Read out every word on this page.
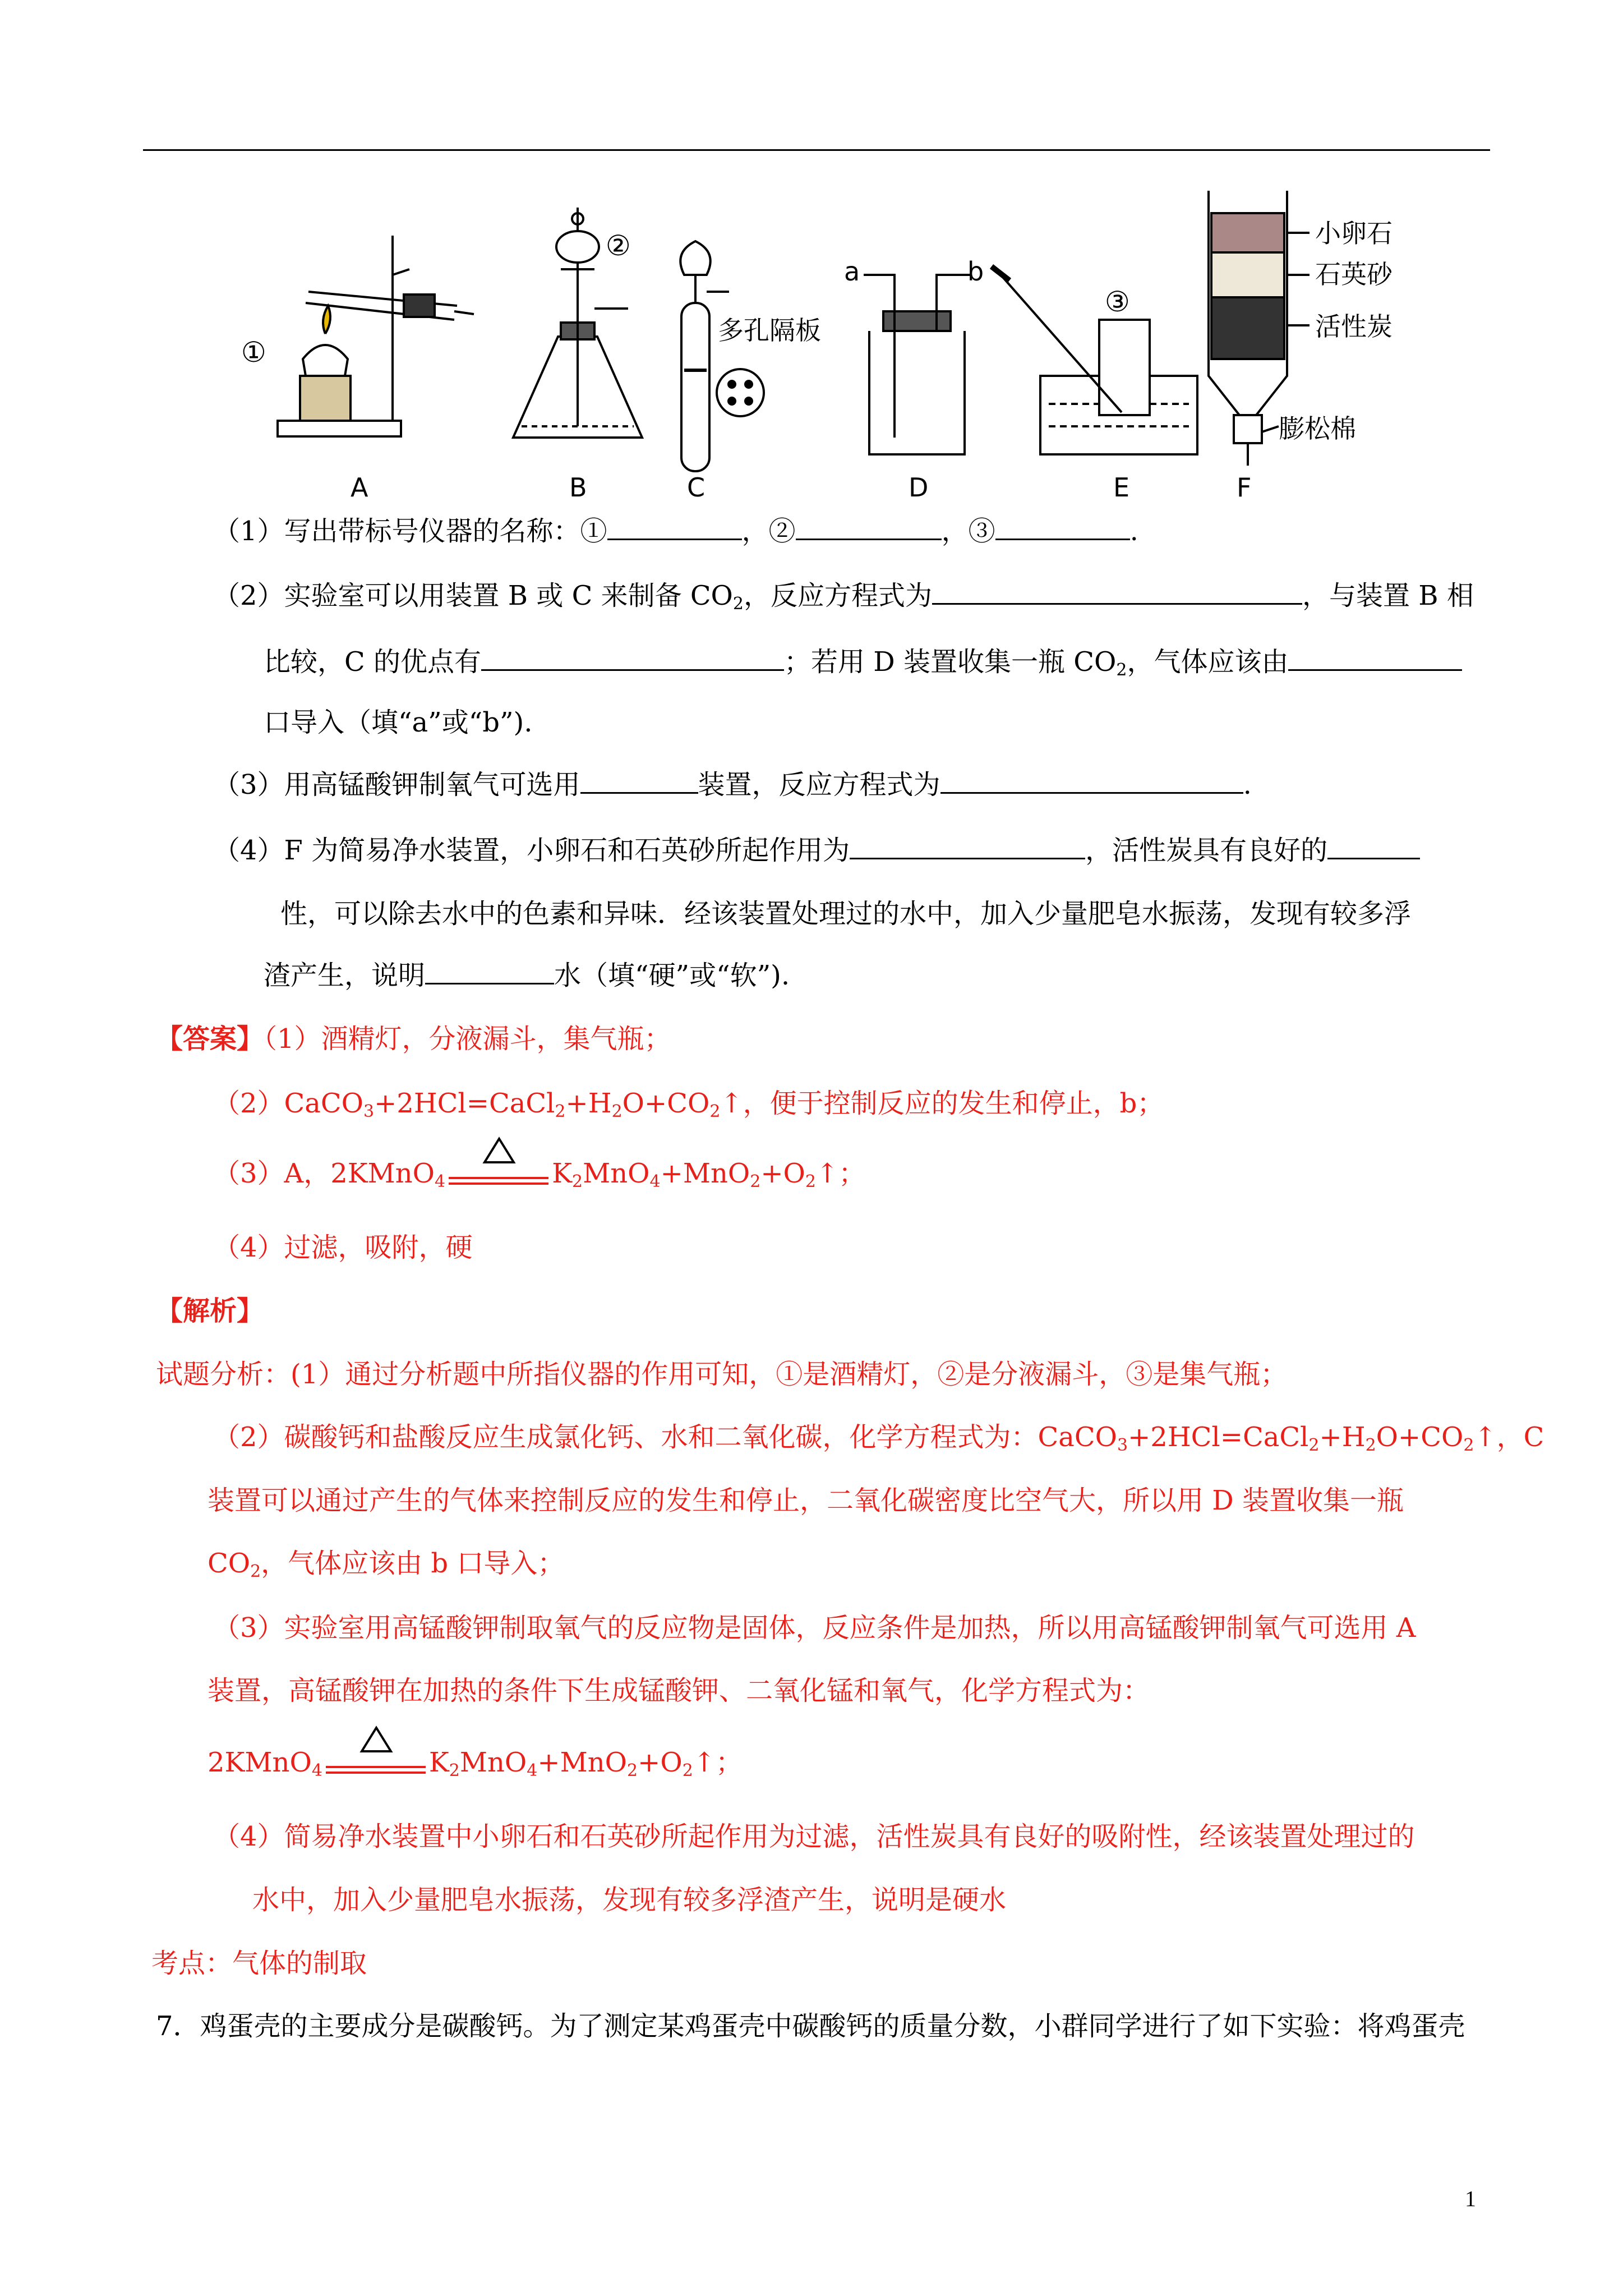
A	B	C	D	E	F
①
②
③
多孔隔板
a	b
小卵石
石英砂
活性炭
膨松棉
（1）写出带标号仪器的名称：①	，②	，③	.
（2）实验室可以用装置 B 或 C 来制备 $CO_2$，反应方程式为	，与装置 B 相
比较，C 的优点有	；若用 D 装置收集一瓶 $CO_2$，气体应该由
口导入（填“a”或“b”).
（3）用高锰酸钾制氧气可选用	装置，反应方程式为	.
（4）F 为简易净水装置，小卵石和石英砂所起作用为	，活性炭具有良好的
性，可以除去水中的色素和异味．经该装置处理过的水中，加入少量肥皂水振荡，发现有较多浮
渣产生，说明	水（填“硬”或“软”).
【答案】（1）酒精灯，分液漏斗，集气瓶；
$(2)CaCO_3+2HCl=CaCl_2+H_2O+CO_2↑$，便于控制反应的发生和停止，b；
（3）A，2KMnO$_4$	$K_2MnO_4+MnO_2+O_2↑$；
（4）过滤，吸附，硬
【解析】
试题分析：(1）通过分析题中所指仪器的作用可知，①是酒精灯，②是分液漏斗，③是集气瓶；
（2）碳酸钙和盐酸反应生成氯化钙、水和二氧化碳，化学方程式为：$CaCO_3+2HCl=CaCl_2+H_2O+CO_2↑$，C
装置可以通过产生的气体来控制反应的发生和停止，二氧化碳密度比空气大，所以用 D 装置收集一瓶
$CO_2$，气体应该由 b 口导入；
（3）实验室用高锰酸钾制取氧气的反应物是固体，反应条件是加热，所以用高锰酸钾制氧气可选用 A
装置，高锰酸钾在加热的条件下生成锰酸钾、二氧化锰和氧气，化学方程式为：
2KMnO$_4$	$K_2MnO_4+MnO_2+O_2↑$；
（4）简易净水装置中小卵石和石英砂所起作用为过滤，活性炭具有良好的吸附性，经该装置处理过的
水中，加入少量肥皂水振荡，发现有较多浮渣产生，说明是硬水
考点：气体的制取
7．鸡蛋壳的主要成分是碳酸钙。为了测定某鸡蛋壳中碳酸钙的质量分数，小群同学进行了如下实验：将鸡蛋壳
1
